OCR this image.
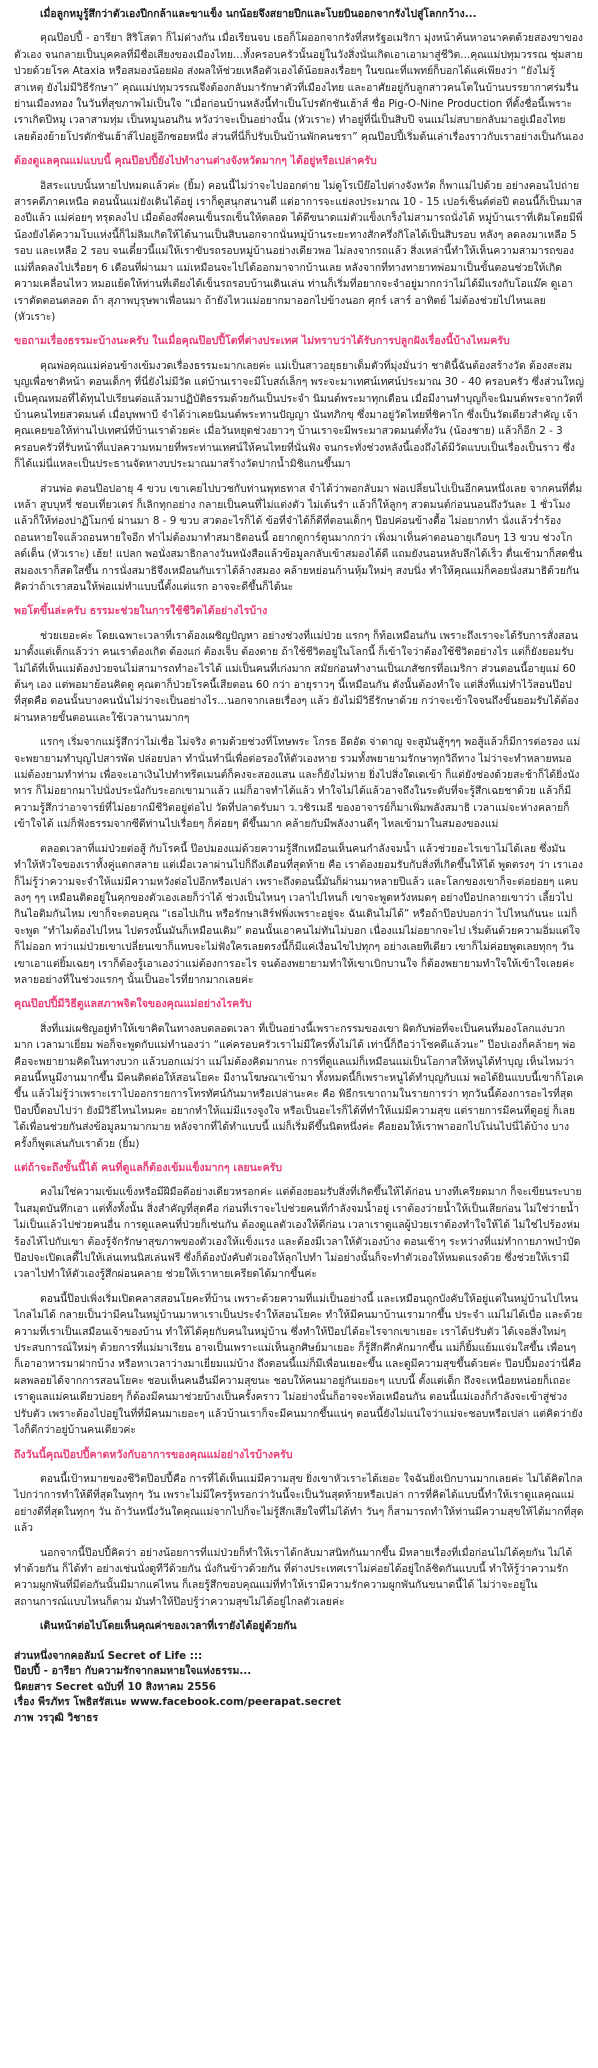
เมื่อลูกหมูรู้สึกว่าตัวเองปีกกล้าและขาแข็ง นกน้อยจึงสยายปีกและโบยบินออกจากรังไปสู่โลกกว้าง...

คุณป๊อปปี้ - อารียา สิริโสดา ก็ไม่ต่างกัน เมื่อเรียนจบ เธอก็โผออกจากรังที่สหรัฐอเมริกา มุ่งหน้าค้นหาอนาคตด้วยสองขาของตัวเอง จนกลายเป็นบุคคลที่มีชื่อเสียงของเมืองไทย...ทั้งครอบครัวนั้นอยู่ในวังสิ่งนั่นเกิดเอาเอามาสู่ชีวิต...คุณแม่ปทุมวรรณ ชุ่มสาย ป่วยด้วยโรค Ataxia หรือสมองน้อยฝ่อ ส่งผลให้ช่วยเหลือตัวเองได้น้อยลงเรื่อยๆ ในขณะที่แพทย์ก็บอกได้แค่เพียงว่า “ยังไม่รู้สาเหตุ ยังไม่มีวิธีรักษา” คุณแม่ปทุมวรรณจึงต้องกลับมารักษาตัวที่เมืองไทย และอาศัยอยู่กับลูกสาวคนโตในบ้านบรรยากาศร่มรื่นย่านเมืองทอง ในวันที่สุขภาพไม่เป็นใจ “เมื่อก่อนบ้านหลังนี้ทำเป็นโปรดักชันเฮ้าส์ ชื่อ Pig-O-Nine Production ที่ตั้งชื่อนี้เพราะเราเกิดปีหมู เวลาสามทุ่ม เป็นหมูนอนกิน หวังว่าจะเป็นอย่างนั้น (หัวเราะ) ทำอยู่ที่นี่เป็นสิบปี จนแม่ไม่สบายกลับมาอยู่เมืองไทย เลยต้องย้ายโปรดักชันเฮ้าส์ไปอยู่อีกซอยหนึ่ง ส่วนที่นี่ก็ปรับเป็นบ้านพักคนชรา” คุณป๊อปปี้เริ่มต้นเล่าเรื่องราวกับเราอย่างเป็นกันเอง

ต้องดูแลคุณแม่แบบนี้ คุณป๊อปปี้ยังไปทำงานต่างจังหวัดมากๆ ได้อยู่หรือเปล่าครับ

อิสระแบบนั้นหายไปหมดแล้วค่ะ (ยิ้ม) คอนนี้ไม่ว่าจะไปออกต่าย ไม่ดูโรเบีย๊อไปต่างจังหวัด ก็พาแม่ไปด้วย อย่างคอนไปถ่ายสารคดีภาคเหนือ ตอนนั้นแม่ยังเดินได้อยู่ เราก็ดูสนุกสนานดี แต่อาการจะแย่ลงประมาณ 10 - 15 เปอร์เซ็นต์ต่อปี ตอนนี้ก็เป็นมาสองปีแล้ว แม่ค่อยๆ ทรุดลงไป เมื่อต้องพึ่งคนเข็นรถเข็นให้ตลอด ได้ดีขนาดแม่ตัวแข็งเกร็งไม่สามารถนั่งได้ หมู่บ้านเราที่เดิมโดยมีพี่น้องยังได้ความโบแห่งนี้ก็ไม่ลิมเกิดให้ได้นานเป็นสิบนอกจากนั่นหมู่บ้านระยะทางสักครึ่งกิโลได้เป็นสิบรอบ หลังๆ ลดลงมาเหลือ 5 รอบ และเหลือ 2 รอบ จนเดี๋ยวนี้แม่ให้เราขับรถรอบหมู่บ้านอย่างเดียวพอ ไม่ลงจากรถแล้ว สิ่งเหล่านี้ทำให้เห็นความสามารถของแม่ที่ลดลงไปเรื่อยๆ 6 เดือนที่ผ่านมา แม่เหมือนจะไปได้ออกมาจากบ้านเลย หลังจากที่ทางทายาทพ่อมาเป็นขั้นตอนช่วยให้เกิดความเคลื่อนไหว หมอแย้ดให้ท่านที่เตียงได้เข็นรถรอบบ้านเดินเล่น ท่านก็เริ่มที่อยากจะจำอยู่มากกว่าไม่ได้มีแรงกับโอแม๊ค ดูเอา เราตัดตอนตลอด ถ้า สุภาพบุรุษพาเพื่อนมา ถ้ายังไหวแม่อยากมาออกไปข้างนอก ศุกร์ เสาร์ อาทิตย์ ไม่ต้องช่วยไปไหนเลย (หัวเราะ)

ขอถามเรื่องธรรมะบ้างนะครับ ในเมื่อคุณป๊อปปี้โตที่ต่างประเทศ ไม่ทราบว่าได้รับการปลูกฝังเรื่องนี้บ้างไหมครับ

คุณพ่อคุณแม่ค่อนข้างเข้มงวดเรื่องธรรมะมากเลยค่ะ แม่เป็นสาวอยุธยาเต็มตัวที่มุ่งมั่นว่า ชาตินี้ฉันต้องสร้างวัด ต้องสะสมบุญเพื่อชาติหน้า ตอนเด็กๆ ที่นี่ยังไม่มีวัด แต่บ้านเราจะมีโบสถ์เล็กๆ พระจะมาเทศน์เทศน์ประมาณ 30 - 40 ครอบครัว ซึ่งส่วนใหญ่เป็นคุณหมอที่ได้ทุนไปเรียนต่อแล้วมาปฏิบัติธรรมด้วยกันเป็นประจำ นิมนต์พระมาทุกเดือน เมื่อมีงานทำบุญก็จะนิมนต์พระจากวัดที่บ้านคนไทยสวดมนต์ เมื่อบุพพาบี จำได้ว่าเคยนิมนต์พระทานปัญญา นันทภิกขุ ซึ่งมาอยู่วัดไทยที่ชิคาโก ซึ่งเป็นวัดเดียวสำคัญ เจ้าคุณเคยขอให้ท่านไปเทศน์ที่บ้านเราด้วยค่ะ เมื่อวันหยุดช่วงยาวๆ บ้านเราจะมีพระมาสวดมนต์ทั้งวัน (น้องชาย) แล้วก็อีก 2 - 3 ครอบครัวที่รับหน้าที่แปลความหมายที่พระท่านเทศน์ให้คนไทยที่นั่นฟัง จนกระทั่งช่วงหลังนี้เองถึงได้มีวัดแบบเป็นเรื่องเป็นราว ซึ่งก็ได้แม่นี่แหละเป็นประธานจัดหางบประมาณมาสร้างวัดปากน้ำมิชิแกนขึ้นมา

ส่วนพ่อ ตอนป๊อปอายุ 4 ขวบ เขาเคยไปบวชกับท่านพุทธทาส จำได้ว่าพอกลับมา พ่อเปลี่ยนไปเป็นอีกคนหนึ่งเลย จากคนที่ดื่มเหล้า สูบบุหรี่ ชอบเที่ยวเตร่ ก็เลิกทุกอย่าง กลายเป็นคนที่ไม่แต่งตัว ไม่เต้นรำ แล้วก็ให้ลูกๆ สวดมนต์ก่อนนอนถึงวันละ 1 ชั่วโมง แล้วก็ให้ท่องปาฏิโมกข์ ผ่านมา 8 - 9 ขวบ สวดอะไรก็ได้ ข้อที่จำได้ก็ดีที่ตอนเด็กๆ ป๊อปค่อนข้างดื้อ ไม่อยากทำ นั่งแล้วร่ำร้อง ถอนหายใจแล้วถอนหายใจอีก ทำไม่ต้องมาทำสมาธิตอนนี้ อยากดูการ์ตูนมากกว่า เพิ่งมาเห็นค่าตอนอายุเกือบๆ 13 ขวบ ช่วงโกลด์เด็น (หัวเราะ) เฮ้ย! แปลก พอนั่งสมาธิกลางวันหนังสือแล้วข้อมูลกลับเข้าสมองได้ดี แถมยังนอนหลับลึกได้เร็ว ตื่นเช้ามาก็สดชื่น สมองเราก็สดใสขึ้น การนั่งสมาธิจึงเหมือนกับเราได้ล้างสมอง คล้ายหย่อนก้านหุ้มใหม่ๆ สงบนิ่ง ทำให้คุณแม่ก็คอยนั่งสมาธิด้วยกัน คิดว่าถ้าเราสอนให้พ่อแม่ทำแบบนี้ตั้งแต่แรก อาจจะดีขึ้นก็ได้นะ

พอโตขึ้นล่ะครับ ธรรมะช่วยในการใช้ชีวิตได้อย่างไรบ้าง

ช่วยเยอะค่ะ โดยเฉพาะเวลาที่เราต้องเผชิญปัญหา อย่างช่วงที่แม่ป่วย แรกๆ ก็ท้อเหมือนกัน เพราะถึงเราจะได้รับการสั่งสอนมาตั้งแต่เด็กแล้วว่า คนเราต้องเกิด ต้องแก่ ต้องเจ็บ ต้องตาย ถ้าใช้ชีวิตอยู่ในโลกนี้ ก็เข้าใจว่าต้องใช้ชีวิตอย่างไร แต่ก็ยังยอมรับไม่ได้ที่เห็นแม่ต้องป่วยจนไม่สามารถทำอะไรได้ แม่เป็นคนที่เก่งมาก สมัยก่อนทำงานเป็นเภสัชกรที่อเมริกา ส่วนตอนนี้อายุแม่ 60 ต้นๆ เอง แต่พอมาย้อนคิดดู คุณตาก็ป่วยโรคนี้เสียตอน 60 กว่า อายุราวๆ นี้เหมือนกัน ดังนั้นต้องทำใจ แต่สิ่งที่แม่ทำไว้สอนป๊อปที่สุดคือ ตอนนั้นบางคนนั่นไม่ว่าจะเป็นอย่างไร...นอกจากเลยเรื่องๆ แล้ว ยังไม่มีวิธีรักษาด้วย กว่าจะเข้าใจจนถึงขั้นยอมรับได้ต้องผ่านหลายขั้นตอนและใช้เวลานานมากๆ

แรกๆ เริ่มจากแม่รู้สึกว่าไม่เชื่อ ไม่จริง ตามด้วยช่วงที่โทษพระ โกรธ อีดอัด จ่าดาญ จะสูมันสู้ๆๆๆ พอสู้แล้วก็มีการต่อรอง แม่จะพยายามทำบุญไปสารพัด ปล่อยปลา ทำนั่นทำนี่เพื่อต่อรองให้ตัวเองหาย รวมทั้งพยายามรักษาทุกวิถีทาง ไม่ว่าจะทำหลายหมอ แม่ต้องยามทำท่าม เพื่อจะเอาเงินไปทำทรีตเมนต์ก็คงจะสองแสน และก็ยังไม่หาย ยิ่งไปสิ่งใดเดเข้า ก็แต่ยังช่องด้วยสะช้าก็ได้ยิ่งนังทาร ก็ไม่อยากมาไปนั่งประนั่งกับระอกเขามาแล้ว แม่ก็อาจทำได้แล้ว ทำใจไม่ได้แล้วอาจถึงในระดับที่จะรู้สึกเฉยชาด้วย แล้วก็มีความรู้สึกว่าอาจารย์ที่ไม่อยากมีชีวิตอยู่ต่อไป วัดที่ปลาดรับมา ว.วชิรเมธี ของอาจารย์ก็มาเพิ่มพลังสมาธิ เวลาแม่จะห่างคลายก็เข้าใจได้ แม่ก็ฟังธรรมจากซีดีท่านไปเรื่อยๆ ก็ค่อยๆ ดีขึ้นมาก คล้ายกับมีพลังงานดีๆ ไหลเข้ามาในสมองของแม่

ตลอดเวลาที่แม่ป่วยต่อสู้ กับโรคนี้ ป๊อปมองแม่ด้วยความรู้สึกเหมือนเห็นคนกำลังจมน้ำ แล้วช่วยอะไรเขาไม่ได้เลย ซึ่งมันทำให้หัวใจของเราทั้งคู่แตกสลาย แต่เมื่อเวลาผ่านไปก็ถึงเดือนที่สุดท้าย คือ เราต้องยอมรับกับสิ่งที่เกิดขึ้นให้ได้ พูดตรงๆ ว่า เราเองก็ไม่รู้ว่าความจะจำให้แม่มีความหวังต่อไปอีกหรือเปล่า เพราะถึงตอนนี้มันก็ผ่านมาหลายปีแล้ว และโลกของเขาก็จะต่อย่อยๆ แคบลงๆ ๆๆ เหมือนติดอยู่ในคุกของตัวเองเลยก็ว่าได้ ช่วงเป็นไหนๆ เวลาไปไหนก็ เขาจะพูดหวังหมดๆ อย่างป๊อปกลายเขาว่า เลี้ยวไปกินไอติมกันไหม เขาก็จะตอบคุณ “เธอไปเกิน หรือรักษาเสิร์ฟพิ่งเพราะอยู่จะ ฉันเดินไม่ได้” หรือถ้าป๊อปบอกว่า ไปไหนกันนะ แม่ก็จะพูด “ทำไมต้องไปไหน ไปตรงนั้นมันก็เหมือนเดิม” ตอนนั้นเอาคนไม่ทันไม่บอก เนื่องแม่ไม่อยากจะไป เริ่มต้นด้วยความอิ่มแต่ใจก็ไม่ออก ทว่าแม่ป่วยเขาเปลี่ยนเขาก็แทบจะไม่ฟังใครเลยตรงนี้ก็มีแค่เงื่อนไขไปทุกๆ อย่างเลยทีเดียว เขาก็ไม่ค่อยพูดเลยทุกๆ วัน เขาเอาแต่ยิ้มเฉยๆ เราก็ต้องรู้เอาเองว่าแม่ต้องการอะไร จนต้องพยายามทำให้เขาเบิกบานใจ ก็ต้องพยายามทำใจให้เข้าใจเลยค่ะ หลายอย่างที่ในช่วงแรกๆ นั้นเป็นอะไรที่ยากมากเลยค่ะ

คุณป๊อปปี้มีวิธีดูแลสภาพจิตใจของคุณแม่อย่างไรครับ

สิ่งที่แม่เผชิญอยู่ทำให้เขาคิดในทางลบตลอดเวลา ที่เป็นอย่างนี้เพราะกรรมของเขา ผิดกับพ่อที่จะเป็นคนที่มองโลกแง่บวกมาก เวลามาเยี่ยม พ่อก็จะพูดกับแม่ทำนองว่า “แค่ครอบครัวเราไม่มีใครทิ้งไม่ได้ เท่านี้ก็ถือว่าโชคดีแล้วนะ” ป๊อปเองก็คล้ายๆ พ่อ คือจะพยายามคิดในทางบวก แล้วบอกแม่ว่า แม่ไม่ต้องคิดมากนะ การที่ดูแลแม่ก็เหมือนแม่เป็นโอกาสให้หนูได้ทำบุญ เห็นไหมว่าคอนนี้หนูมีงานมากขึ้น มีคนติดต่อให้สอนโยคะ มีงานโฆษณาเข้ามา ทั้งหมดนี้ก็เพราะหนูได้ทำบุญกับแม่ พอได้ยินแบบนี้เขาก็โอเคขึ้น แล้วไม่รู้ว่าเพราะเราไปออกรายการโทรทัศน์กันมาหรือเปล่านะคะ คือ พิธีกรเขาถามในรายการว่า ทุกวันนี้ต้องการอะไรที่สุด ป๊อปปี้ตอบไปว่า ยังมีวิธีไหนไหมคะ อยากทำให้แม่มีแรงจูงใจ หรือเป็นอะไรก็ได้ที่ทำให้แม่มีความสุข แต่รายการมีคนที่ดูอยู่ ก็เลยได้เพื่อนช่วยกันส่งข้อมูลมามากมาย หลังจากที่ได้ทำแบบนี้ แม่ก็เริ่มดีขึ้นนิดหนึ่งค่ะ คือยอมให้เราพาออกไปโน่นไปนี่ได้บ้าง บางครั้งก็พูดเล่นกับเราด้วย (ยิ้ม)

แต่ถ้าจะถึงขั้นนี้ได้ คนที่ดูแลก็ต้องเข้มแข็งมากๆ เลยนะครับ

คงไม่ใช่ความเข้มแข็งหรือมีฝีมือดีอย่างเดียวหรอกค่ะ แต่ต้องยอมรับสิ่งที่เกิดขึ้นให้ได้ก่อน บางทีเครียดมาก ก็จะเขียนระบายในสมุดบันทึกเอา แต่ทั้งทั้งนั้น สิ่งสำคัญที่สุดคือ ก่อนที่เราจะไปช่วยคนที่กำลังจมน้ำอยู่ เราต้องว่ายน้ำให้เป็นเสียก่อน ไม่ใช่ว่ายน้ำไม่เป็นแล้วไปช่วยคนอื่น การดูแลคนที่ป่วยก็เช่นกัน ต้องดูแลตัวเองให้ดีก่อน เวลาเราดูแลผู้ป่วยเราต้องทำใจให้ได้ ไม่ใช่ไปร้องห่มร้องไห้ไปกับเขา ต้องรู้จักรักษาสุขภาพของตัวเองให้แข็งแรง และต้องมีเวลาให้ตัวเองบ้าง ตอนเช้าๆ ระหว่างที่แม่ทำกายภาพบำบัด ป๊อปจะเปิดเลดี้ไปให้เล่นเทนนิสเล่นฟรี ซึ่งก็ต้องบังคับตัวเองให้ลุกไปทำ ไม่อย่างนั้นก็จะทำตัวเองให้หมดแรงด้วย ซึ่งช่วยให้เรามีเวลาไปทำให้ตัวเองรู้สึกผ่อนคลาย ช่วยให้เราหายเครียดได้มากขึ้นค่ะ

ตอนนี้ป๊อปเพิ่งเริ่มเปิดคลาสสอนโยคะที่บ้าน เพราะด้วยความที่แม่เป็นอย่างนี้ และเหมือนถูกบังคับให้อยู่แต่ในหมู่บ้านไปไหนไกลไม่ได้ กลายเป็นว่ามีคนในหมู่บ้านมาหาเราเป็นประจำให้สอนโยคะ ทำให้มีคนมาบ้านเรามากขึ้น ประจำ แม่ไม่ได้เบื่อ และด้วยความที่เราเป็นเสมือนเจ้าของบ้าน ทำให้ได้คุยกับคนในหมู่บ้าน ซึ่งทำให้ป๊อปได้อะไรจากเขาเยอะ เราได้ปรับตัว ได้เจอสิ่งใหม่ๆ ประสบการณ์ใหม่ๆ ด้วยการที่แม่มาเรียน อาจเป็นเพราะแม่เห็นลูกศิษย์มาเยอะ ก็รู้สึกคึกคักมากขึ้น แม่ก็ยิ้มแย้มแจ่มใสขึ้น เพื่อนๆ ก็เอาอาหารมาฝากบ้าง หรือหาเวลาว่างมาเยี่ยมแม่บ้าง ถึงตอนนี้แม่ก็มีเพื่อนเยอะขึ้น และดูมีความสุขขึ้นด้วยค่ะ ป๊อปปี้มองว่านี่คือผลพลอยได้จากการสอนโยคะ ชอบเห็นคนอื่นมีความสุขนะ ชอบให้คนมาอยู่กันเยอะๆ แบบนี้ ตั้งแต่เด็ก ถึงจะเหนื่อยหน่อยก็เถอะ เราดูแลแม่คนเดียวบ่อยๆ ก็ต้องมีคนมาช่วยบ้างเป็นครั้งคราว ไม่อย่างนั้นก็อาจจะท้อเหมือนกัน ตอนนี้แม่เองก็กำลังจะเข้าสู่ช่วงปรับตัว เพราะต้องไปอยู่ในที่ที่มีคนมาเยอะๆ แล้วบ้านเราก็จะมีคนมากขึ้นแน่ๆ ตอนนี้ยังไม่แน่ใจว่าแม่จะชอบหรือเปล่า แต่คิดว่ายังไงก็ดีกว่าอยู่บ้านคนเดียวค่ะ

ถึงวันนี้คุณป๊อปปี้คาดหวังกับอาการของคุณแม่อย่างไรบ้างครับ

ตอนนี้เป้าหมายของชีวิตป๊อปปี้คือ การที่ได้เห็นแม่มีความสุข ยิ่งเขาหัวเราะได้เยอะ ใจฉันยิ่งเบิกบานมากเลยค่ะ ไม่ได้คิดไกลไปกว่าการทำให้ดีที่สุดในทุกๆ วัน เพราะไม่มีใครรู้หรอกว่าวันนี้จะเป็นวันสุดท้ายหรือเปล่า การที่คิดได้แบบนี้ทำให้เราดูแลคุณแม่อย่างดีที่สุดในทุกๆ วัน ถ้าวันหนึ่งวันใดคุณแม่จากไปก็จะไม่รู้สึกเสียใจที่ไม่ได้ทำ วันๆ ก็สามารถทำให้ท่านมีความสุขให้ได้มากที่สุดแล้ว

นอกจากนี้ป๊อปปี้คิดว่า อย่างน้อยการที่แม่ป่วยก็ทำให้เราได้กลับมาสนิทกันมากขึ้น มีหลายเรื่องที่เมื่อก่อนไม่ได้คุยกัน ไม่ได้ทำด้วยกัน ก็ได้ทำ อย่างเช่นนั่งดูทีวีด้วยกัน นั่งกินข้าวด้วยกัน ที่ต่างประเทศเราไม่ค่อยได้อยู่ใกล้ชิดกันแบบนี้ ทำให้รู้ว่าความรักความผูกพันที่มีต่อกันนั้นมีมากแค่ไหน ก็เลยรู้สึกขอบคุณแม่ที่ทำให้เรามีความรักความผูกพันกันขนาดนี้ได้ ไม่ว่าจะอยู่ในสถานการณ์แบบไหนก็ตาม มันทำให้ป๊อปรู้ว่าความสุขไม่ได้อยู่ไกลตัวเลยค่ะ

เดินหน้าต่อไปโดยเห็นคุณค่าของเวลาที่เรายังได้อยู่ด้วยกัน

ส่วนหนึ่งจากคอลัมน์ Secret of Life :::

ป๊อปปี้ - อารียา กับความรักจากลมหายใจแห่งธรรม...

นิตยสาร Secret ฉบับที่ 10 สิงหาคม 2556

เรื่อง พีรภัทร โพธิสรัสเนะ www.facebook.com/peerapat.secret

ภาพ วรวุฒิ วิชาธร
